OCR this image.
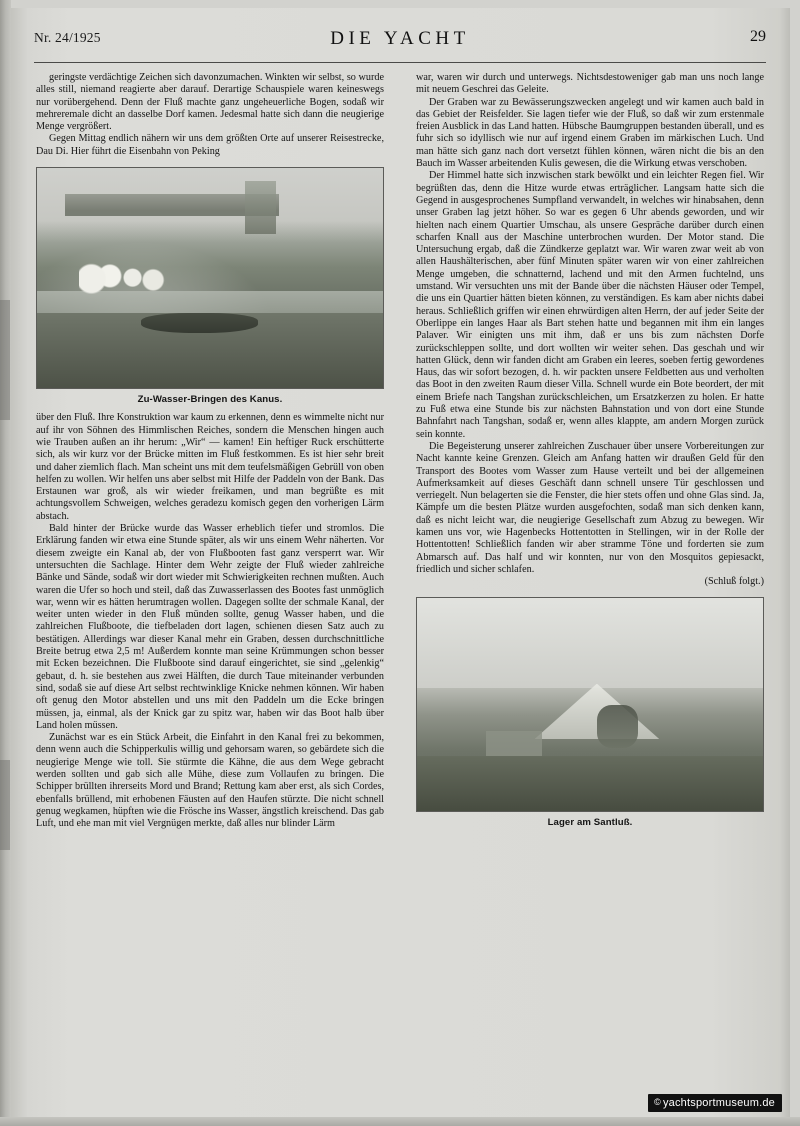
Nr. 24/1925	DIE YACHT	29

geringste verdächtige Zeichen sich davonzumachen. Winkten wir selbst, so wurde alles still, niemand reagierte aber darauf. Derartige Schauspiele waren keineswegs nur vorübergehend. Denn der Fluß machte ganz ungeheuerliche Bogen, sodaß wir mehreremale dicht an dasselbe Dorf kamen. Jedesmal hatte sich dann die neugierige Menge vergrößert.

Gegen Mittag endlich nähern wir uns dem größten Orte auf unserer Reisestrecke, Dau Di. Hier führt die Eisenbahn von Peking

Zu-Wasser-Bringen des Kanus.

über den Fluß. Ihre Konstruktion war kaum zu erkennen, denn es wimmelte nicht nur auf ihr von Söhnen des Himmlischen Reiches, sondern die Menschen hingen auch wie Trauben außen an ihr herum: „Wir“ — kamen! Ein heftiger Ruck erschütterte sich, als wir kurz vor der Brücke mitten im Fluß festkommen. Es ist hier sehr breit und daher ziemlich flach. Man scheint uns mit dem teufelsmäßigen Gebrüll von oben helfen zu wollen. Wir helfen uns aber selbst mit Hilfe der Paddeln von der Bank. Das Erstaunen war groß, als wir wieder freikamen, und man begrüßte es mit achtungsvollem Schweigen, welches geradezu komisch gegen den vorherigen Lärm abstach.

Bald hinter der Brücke wurde das Wasser erheblich tiefer und stromlos. Die Erklärung fanden wir etwa eine Stunde später, als wir uns einem Wehr näherten. Vor diesem zweigte ein Kanal ab, der von Flußbooten fast ganz versperrt war. Wir untersuchten die Sachlage. Hinter dem Wehr zeigte der Fluß wieder zahlreiche Bänke und Sände, sodaß wir dort wieder mit Schwierigkeiten rechnen mußten. Auch waren die Ufer so hoch und steil, daß das Zuwasserlassen des Bootes fast unmöglich war, wenn wir es hätten herumtragen wollen. Dagegen sollte der schmale Kanal, der weiter unten wieder in den Fluß münden sollte, genug Wasser haben, und die zahlreichen Flußboote, die tiefbeladen dort lagen, schienen diesen Satz auch zu bestätigen. Allerdings war dieser Kanal mehr ein Graben, dessen durchschnittliche Breite betrug etwa 2,5 m! Außerdem konnte man seine Krümmungen schon besser mit Ecken bezeichnen. Die Flußboote sind darauf eingerichtet, sie sind „gelenkig“ gebaut, d. h. sie bestehen aus zwei Hälften, die durch Taue miteinander verbunden sind, sodaß sie auf diese Art selbst rechtwinklige Knicke nehmen können. Wir haben oft genug den Motor abstellen und uns mit den Paddeln um die Ecke bringen müssen, ja, einmal, als der Knick gar zu spitz war, haben wir das Boot halb über Land holen müssen.

Zunächst war es ein Stück Arbeit, die Einfahrt in den Kanal frei zu bekommen, denn wenn auch die Schipperkulis willig und gehorsam waren, so gebärdete sich die neugierige Menge wie toll. Sie stürmte die Kähne, die aus dem Wege gebracht werden sollten und gab sich alle Mühe, diese zum Vollaufen zu bringen. Die Schipper brüllten ihrerseits Mord und Brand; Rettung kam aber erst, als sich Cordes, ebenfalls brüllend, mit erhobenen Fäusten auf den Haufen stürzte. Die nicht schnell genug wegkamen, hüpften wie die Frösche ins Wasser, ängstlich kreischend. Das gab Luft, und ehe man mit viel Vergnügen merkte, daß alles nur blinder Lärm

war, waren wir durch und unterwegs. Nichtsdestoweniger gab man uns noch lange mit neuem Geschrei das Geleite.

Der Graben war zu Bewässerungszwecken angelegt und wir kamen auch bald in das Gebiet der Reisfelder. Sie lagen tiefer wie der Fluß, so daß wir zum erstenmale freien Ausblick in das Land hatten. Hübsche Baumgruppen bestanden überall, und es fuhr sich so idyllisch wie nur auf irgend einem Graben im märkischen Luch. Und man hätte sich ganz nach dort versetzt fühlen können, wären nicht die bis an den Bauch im Wasser arbeitenden Kulis gewesen, die die Wirkung etwas verschoben.

Der Himmel hatte sich inzwischen stark bewölkt und ein leichter Regen fiel. Wir begrüßten das, denn die Hitze wurde etwas erträglicher. Langsam hatte sich die Gegend in ausgesprochenes Sumpfland verwandelt, in welches wir hinabsahen, denn unser Graben lag jetzt höher. So war es gegen 6 Uhr abends geworden, und wir hielten nach einem Quartier Umschau, als unsere Gespräche darüber durch einen scharfen Knall aus der Maschine unterbrochen wurden. Der Motor stand. Die Untersuchung ergab, daß die Zündkerze geplatzt war. Wir waren zwar weit ab von allen Haushälterischen, aber fünf Minuten später waren wir von einer zahlreichen Menge umgeben, die schnatternd, lachend und mit den Armen fuchtelnd, uns umstand. Wir versuchten uns mit der Bande über die nächsten Häuser oder Tempel, die uns ein Quartier hätten bieten können, zu verständigen. Es kam aber nichts dabei heraus. Schließlich griffen wir einen ehrwürdigen alten Herrn, der auf jeder Seite der Oberlippe ein langes Haar als Bart stehen hatte und begannen mit ihm ein langes Palaver. Wir einigten uns mit ihm, daß er uns bis zum nächsten Dorfe zurückschleppen sollte, und dort wollten wir weiter sehen. Das geschah und wir hatten Glück, denn wir fanden dicht am Graben ein leeres, soeben fertig gewordenes Haus, das wir sofort bezogen, d. h. wir packten unsere Feldbetten aus und verholten das Boot in den zweiten Raum dieser Villa. Schnell wurde ein Bote beordert, der mit einem Briefe nach Tangshan zurückschleichen, um Ersatzkerzen zu holen. Er hatte zu Fuß etwa eine Stunde bis zur nächsten Bahnstation und von dort eine Stunde Bahnfahrt nach Tangshan, sodaß er, wenn alles klappte, am andern Morgen zurück sein konnte.

Die Begeisterung unserer zahlreichen Zuschauer über unsere Vorbereitungen zur Nacht kannte keine Grenzen. Gleich am Anfang hatten wir draußen Geld für den Transport des Bootes vom Wasser zum Hause verteilt und bei der allgemeinen Aufmerksamkeit auf dieses Geschäft dann schnell unsere Tür geschlossen und verriegelt. Nun belagerten sie die Fenster, die hier stets offen und ohne Glas sind. Ja, Kämpfe um die besten Plätze wurden ausgefochten, sodaß man sich denken kann, daß es nicht leicht war, die neugierige Gesellschaft zum Abzug zu bewegen. Wir kamen uns vor, wie Hagenbecks Hottentotten in Stellingen, wir in der Rolle der Hottentotten! Schließlich fanden wir aber stramme Töne und forderten sie zum Abmarsch auf. Das half und wir konnten, nur von den Mosquitos gepiesackt, friedlich und sicher schlafen.

(Schluß folgt.)

Lager am Santluß.
© yachtsportmuseum.de
